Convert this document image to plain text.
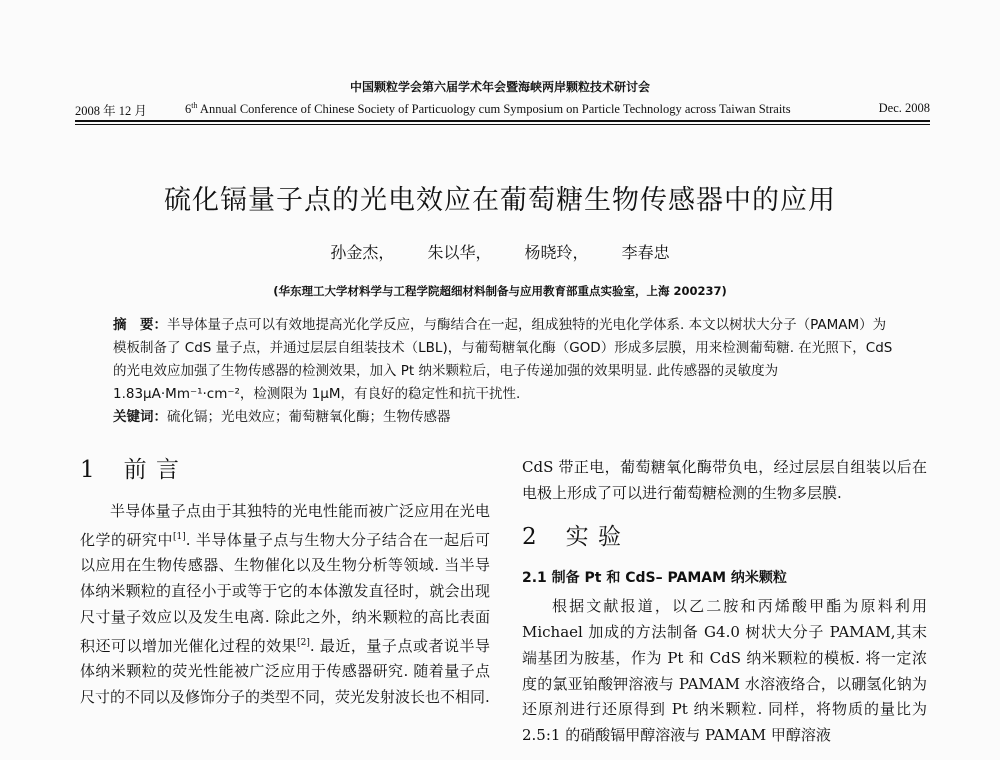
中国颗粒学会第六届学术年会暨海峡两岸颗粒技术研讨会
2008 年 12 月	6th Annual Conference of Chinese Society of Particuology cum Symposium on Particle Technology across Taiwan Straits	Dec. 2008
硫化镉量子点的光电效应在葡萄糖生物传感器中的应用
孙金杰， 朱以华， 杨晓玲， 李春忠
(华东理工大学材料学与工程学院超细材料制备与应用教育部重点实验室，上海 200237)
摘　要：半导体量子点可以有效地提高光化学反应，与酶结合在一起，组成独特的光电化学体系. 本文以树状大分子（PAMAM）为模板制备了 CdS 量子点，并通过层层自组装技术（LBL)，与葡萄糖氧化酶（GOD）形成多层膜，用来检测葡萄糖. 在光照下，CdS 的光电效应加强了生物传感器的检测效果，加入 Pt 纳米颗粒后，电子传递加强的效果明显. 此传感器的灵敏度为 1.83μA·Mm⁻¹·cm⁻²，检测限为 1μM，有良好的稳定性和抗干扰性.
关键词：硫化镉；光电效应；葡萄糖氧化酶；生物传感器
1 前 言

半导体量子点由于其独特的光电性能而被广泛应用在光电化学的研究中[1]. 半导体量子点与生物大分子结合在一起后可以应用在生物传感器、生物催化以及生物分析等领域. 当半导体纳米颗粒的直径小于或等于它的本体激发直径时，就会出现尺寸量子效应以及发生电离. 除此之外，纳米颗粒的高比表面积还可以增加光催化过程的效果[2]. 最近，量子点或者说半导体纳米颗粒的荧光性能被广泛应用于传感器研究. 随着量子点尺寸的不同以及修饰分子的类型不同，荧光发射波长也不相同.

CdS 带正电，葡萄糖氧化酶带负电，经过层层自组装以后在电极上形成了可以进行葡萄糖检测的生物多层膜.

2 实 验
2.1 制备 Pt 和 CdS– PAMAM 纳米颗粒

根据文献报道，以乙二胺和丙烯酸甲酯为原料利用 Michael 加成的方法制备 G4.0 树状大分子 PAMAM,其末端基团为胺基，作为 Pt 和 CdS 纳米颗粒的模板. 将一定浓度的氯亚铂酸钾溶液与 PAMAM 水溶液络合，以硼氢化钠为还原剂进行还原得到 Pt 纳米颗粒. 同样，将物质的量比为 2.5:1 的硝酸镉甲醇溶液与 PAMAM 甲醇溶液
